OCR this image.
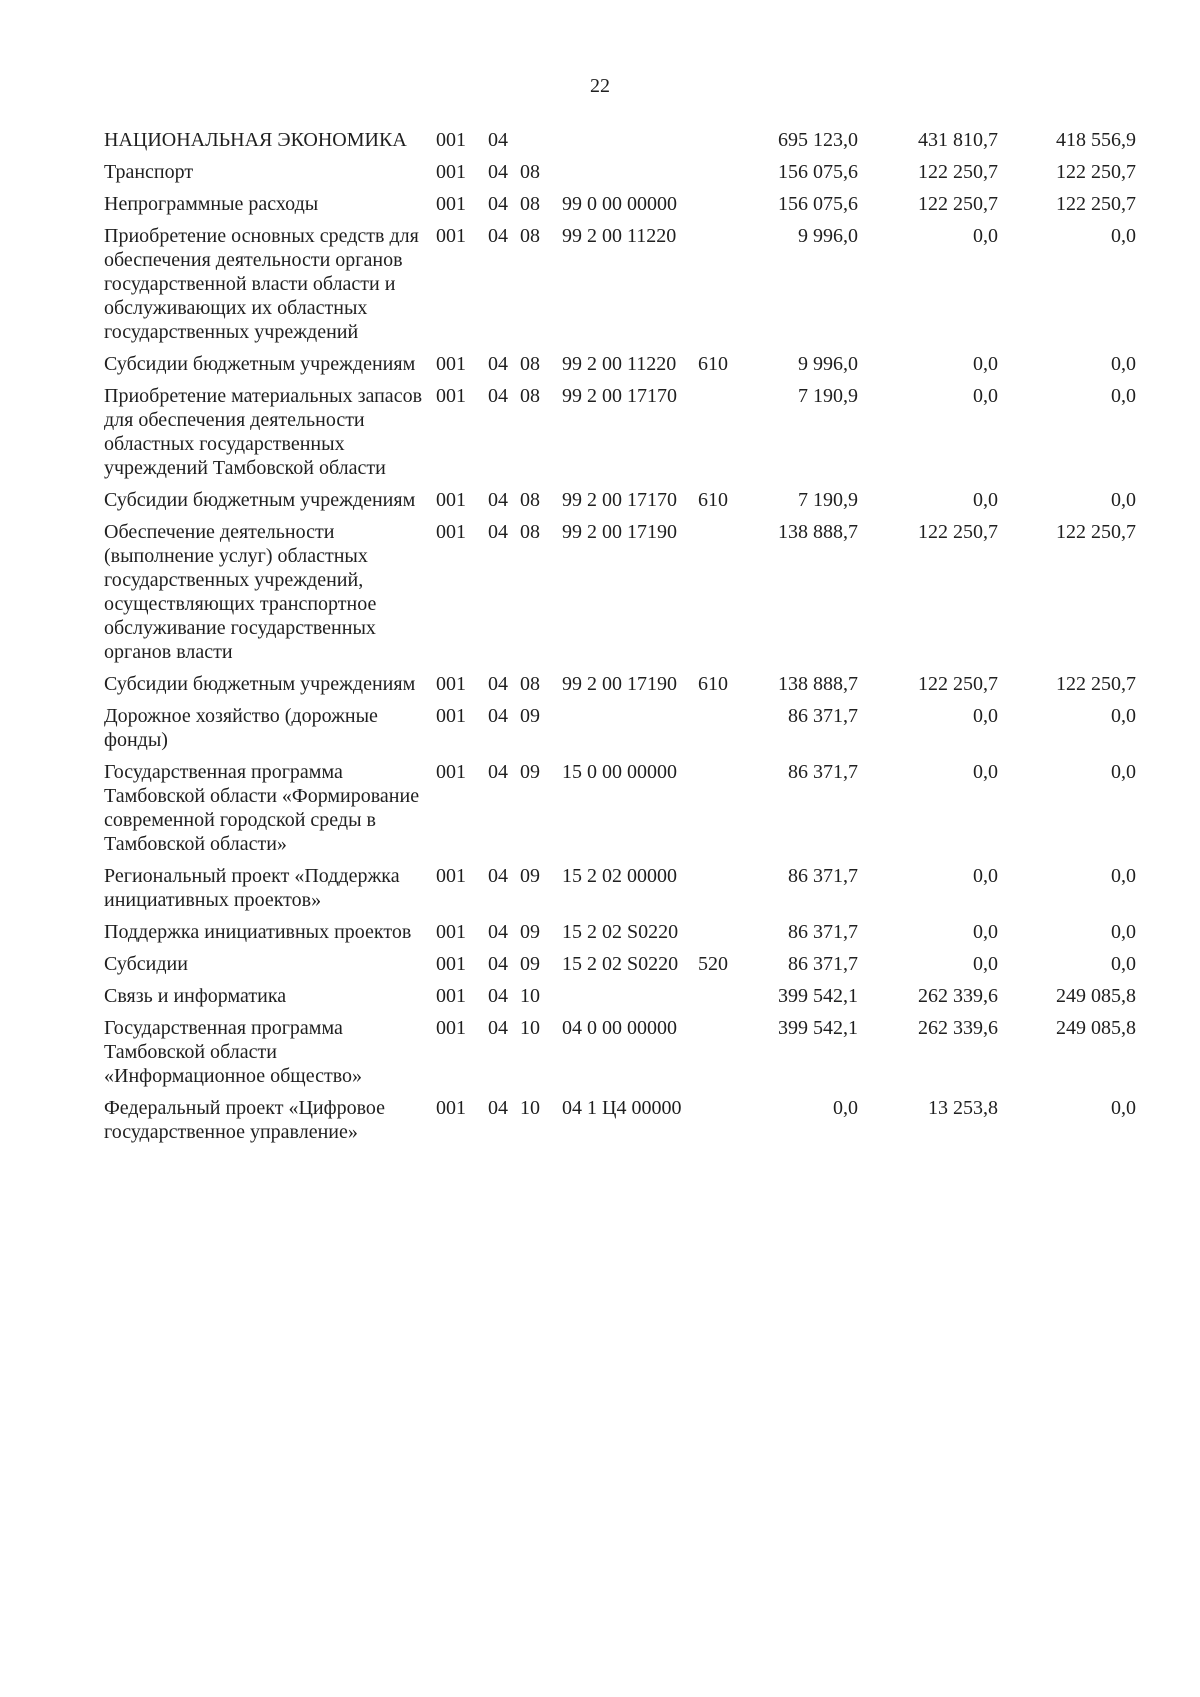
22
НАЦИОНАЛЬНАЯ ЭКОНОМИКА	001	04				695 123,0	431 810,7	418 556,9
Транспорт	001	04	08			156 075,6	122 250,7	122 250,7
Непрограммные расходы	001	04	08	99 0 00 00000		156 075,6	122 250,7	122 250,7
Приобретение основных средств для обеспечения деятельности органов государственной власти области и обслуживающих их областных государственных учреждений	001	04	08	99 2 00 11220		9 996,0	0,0	0,0
Субсидии бюджетным учреждениям	001	04	08	99 2 00 11220	610	9 996,0	0,0	0,0
Приобретение материальных запасов для обеспечения деятельности областных государственных учреждений Тамбовской области	001	04	08	99 2 00 17170		7 190,9	0,0	0,0
Субсидии бюджетным учреждениям	001	04	08	99 2 00 17170	610	7 190,9	0,0	0,0
Обеспечение деятельности (выполнение услуг) областных государственных учреждений, осуществляющих транспортное обслуживание государственных органов власти	001	04	08	99 2 00 17190		138 888,7	122 250,7	122 250,7
Субсидии бюджетным учреждениям	001	04	08	99 2 00 17190	610	138 888,7	122 250,7	122 250,7
Дорожное хозяйство (дорожные фонды)	001	04	09			86 371,7	0,0	0,0
Государственная программа Тамбовской области «Формирование современной городской среды в Тамбовской области»	001	04	09	15 0 00 00000		86 371,7	0,0	0,0
Региональный проект «Поддержка инициативных проектов»	001	04	09	15 2 02 00000		86 371,7	0,0	0,0
Поддержка инициативных проектов	001	04	09	15 2 02 S0220		86 371,7	0,0	0,0
Субсидии	001	04	09	15 2 02 S0220	520	86 371,7	0,0	0,0
Связь и информатика	001	04	10			399 542,1	262 339,6	249 085,8
Государственная программа Тамбовской области «Информационное общество»	001	04	10	04 0 00 00000		399 542,1	262 339,6	249 085,8
Федеральный проект «Цифровое государственное управление»	001	04	10	04 1 Ц4 00000		0,0	13 253,8	0,0
